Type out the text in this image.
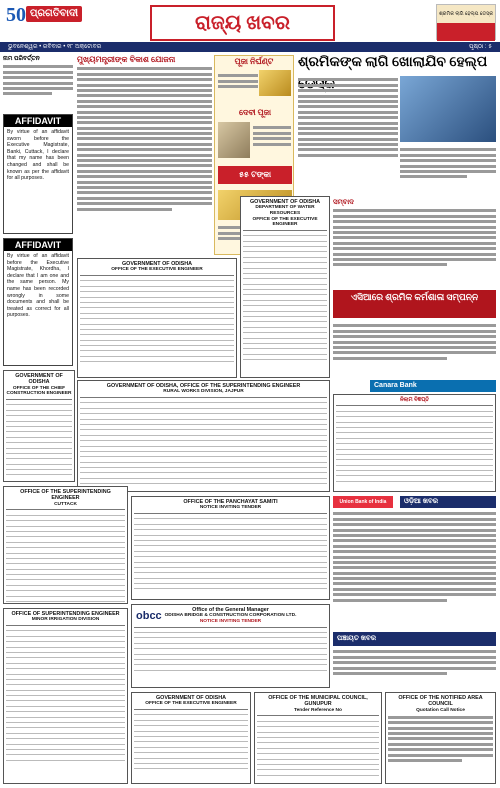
50 ପ୍ରଗତିବାଦୀ	ରାଜ୍ୟ ଖବର	ଶ୍ରମିକ ଲାଗି ହେଲ୍ପ ଡେସ୍କ
ଭୁବନେଶ୍ୱର • ରବିବାର • ୧୮ ଅକ୍ଟୋବର	ପୃଷ୍ଠା : ୫
ନାମ ପରିବର୍ତ୍ତନ
AFFIDAVIT
By virtue of an affidavit sworn before the Executive Magistrate, Banki, Cuttack, I declare that my name has been changed and shall be known as per the affidavit for all purposes.
AFFIDAVIT
By virtue of an affidavit before the Executive Magistrate, Khordha, I declare that I am one and the same person. My name has been recorded wrongly in some documents and shall be treated as correct for all purposes.
ମୁଖ୍ୟମନ୍ତ୍ରୀଙ୍କ ବିକାଶ ଯୋଜନା	ପୂଜା ନିର୍ଘଣ୍ଟ
ଦେବୀ ପୂଜା
୫୫ ଟଙ୍କା
ଶ୍ରମିକଙ୍କ ଲାଗି ଖୋଲାଯିବ ହେଲ୍ପ
GOVERNMENT OF ODISHA
OFFICE OF THE EXECUTIVE ENGINEER
GOVERNMENT OF ODISHA
DEPARTMENT OF WATER RESOURCES
OFFICE OF THE EXECUTIVE ENGINEER
ସମ୍ବାଦ
ଏସିଆରେ ଶ୍ରମିକ କର୍ମଶାଳା ସମ୍ପନ୍ନ
Canara Bank
ନିଲାମ ବିଜ୍ଞପ୍ତି
GOVERNMENT OF ODISHA
OFFICE OF THE CHIEF CONSTRUCTION ENGINEER
GOVERNMENT OF ODISHA, OFFICE OF THE SUPERINTENDING ENGINEER
RURAL WORKS DIVISION, JAJPUR
OFFICE OF THE SUPERINTENDING ENGINEER
CUTTACK	OFFICE OF THE PANCHAYAT SAMITI
NOTICE INVITING TENDER
Union Bank of India	ଓଡ଼ିଆ ଖବର
obcc	Office of the General Manager
ODISHA BRIDGE & CONSTRUCTION CORPORATION LTD.
NOTICE INVITING TENDER
OFFICE OF SUPERINTENDING ENGINEER
MINOR IRRIGATION DIVISION
ପଞ୍ଚାୟତ ଖବର
GOVERNMENT OF ODISHA
OFFICE OF THE EXECUTIVE ENGINEER
OFFICE OF THE MUNICIPAL COUNCIL, GUNUPUR
Tender Reference No
OFFICE OF THE NOTIFIED AREA COUNCIL
Quotation Call Notice
